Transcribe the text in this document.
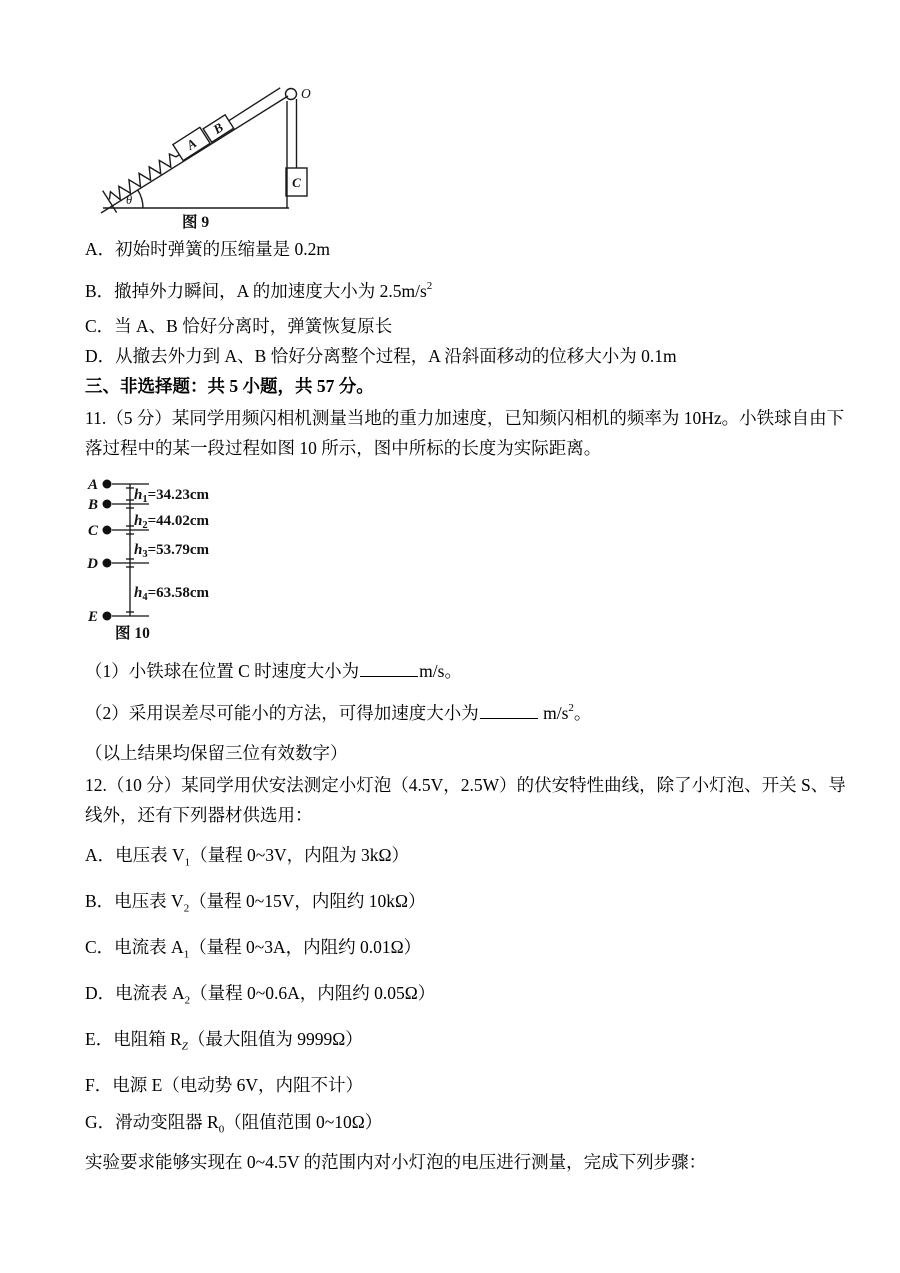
A
B
O
C
θ
图 9
A．初始时弹簧的压缩量是 0.2m
B．撤掉外力瞬间，A 的加速度大小为 $2.5m/s^2$
C．当 A、B 恰好分离时，弹簧恢复原长
D．从撤去外力到 A、B 恰好分离整个过程，A 沿斜面移动的位移大小为 0.1m
三、非选择题：共 5 小题，共 57 分。
11.（5 分）某同学用频闪相机测量当地的重力加速度，已知频闪相机的频率为 10Hz。小铁球自由下落过程中的某一段过程如图 10 所示，图中所标的长度为实际距离。
A
B
C
D
E
$h_1=34.23cm$
$h_2=44.02cm$
$h_3=53.79cm$
$h_4=63.58cm$
图 10
（1）小铁球在位置 C 时速度大小为	m/s。
（2）采用误差尽可能小的方法，可得加速度大小为	$m/s^2$。
（以上结果均保留三位有效数字）
12.（10 分）某同学用伏安法测定小灯泡（4.5V，2.5W）的伏安特性曲线，除了小灯泡、开关 S、导线外，还有下列器材供选用：
A．电压表 $V_1$（量程 0~3V，内阻为 3kΩ）
B．电压表 $V_2$（量程 0~15V，内阻约 10kΩ）
C．电流表 $A_1$（量程 0~3A，内阻约 0.01Ω）
D．电流表 $A_2$（量程 0~0.6A，内阻约 0.05Ω）
E．电阻箱 $R_Z$（最大阻值为 9999Ω）
F．电源 E（电动势 6V，内阻不计）
G．滑动变阻器 $R_0$（阻值范围 0~10Ω）
实验要求能够实现在 0~4.5V 的范围内对小灯泡的电压进行测量，完成下列步骤：
